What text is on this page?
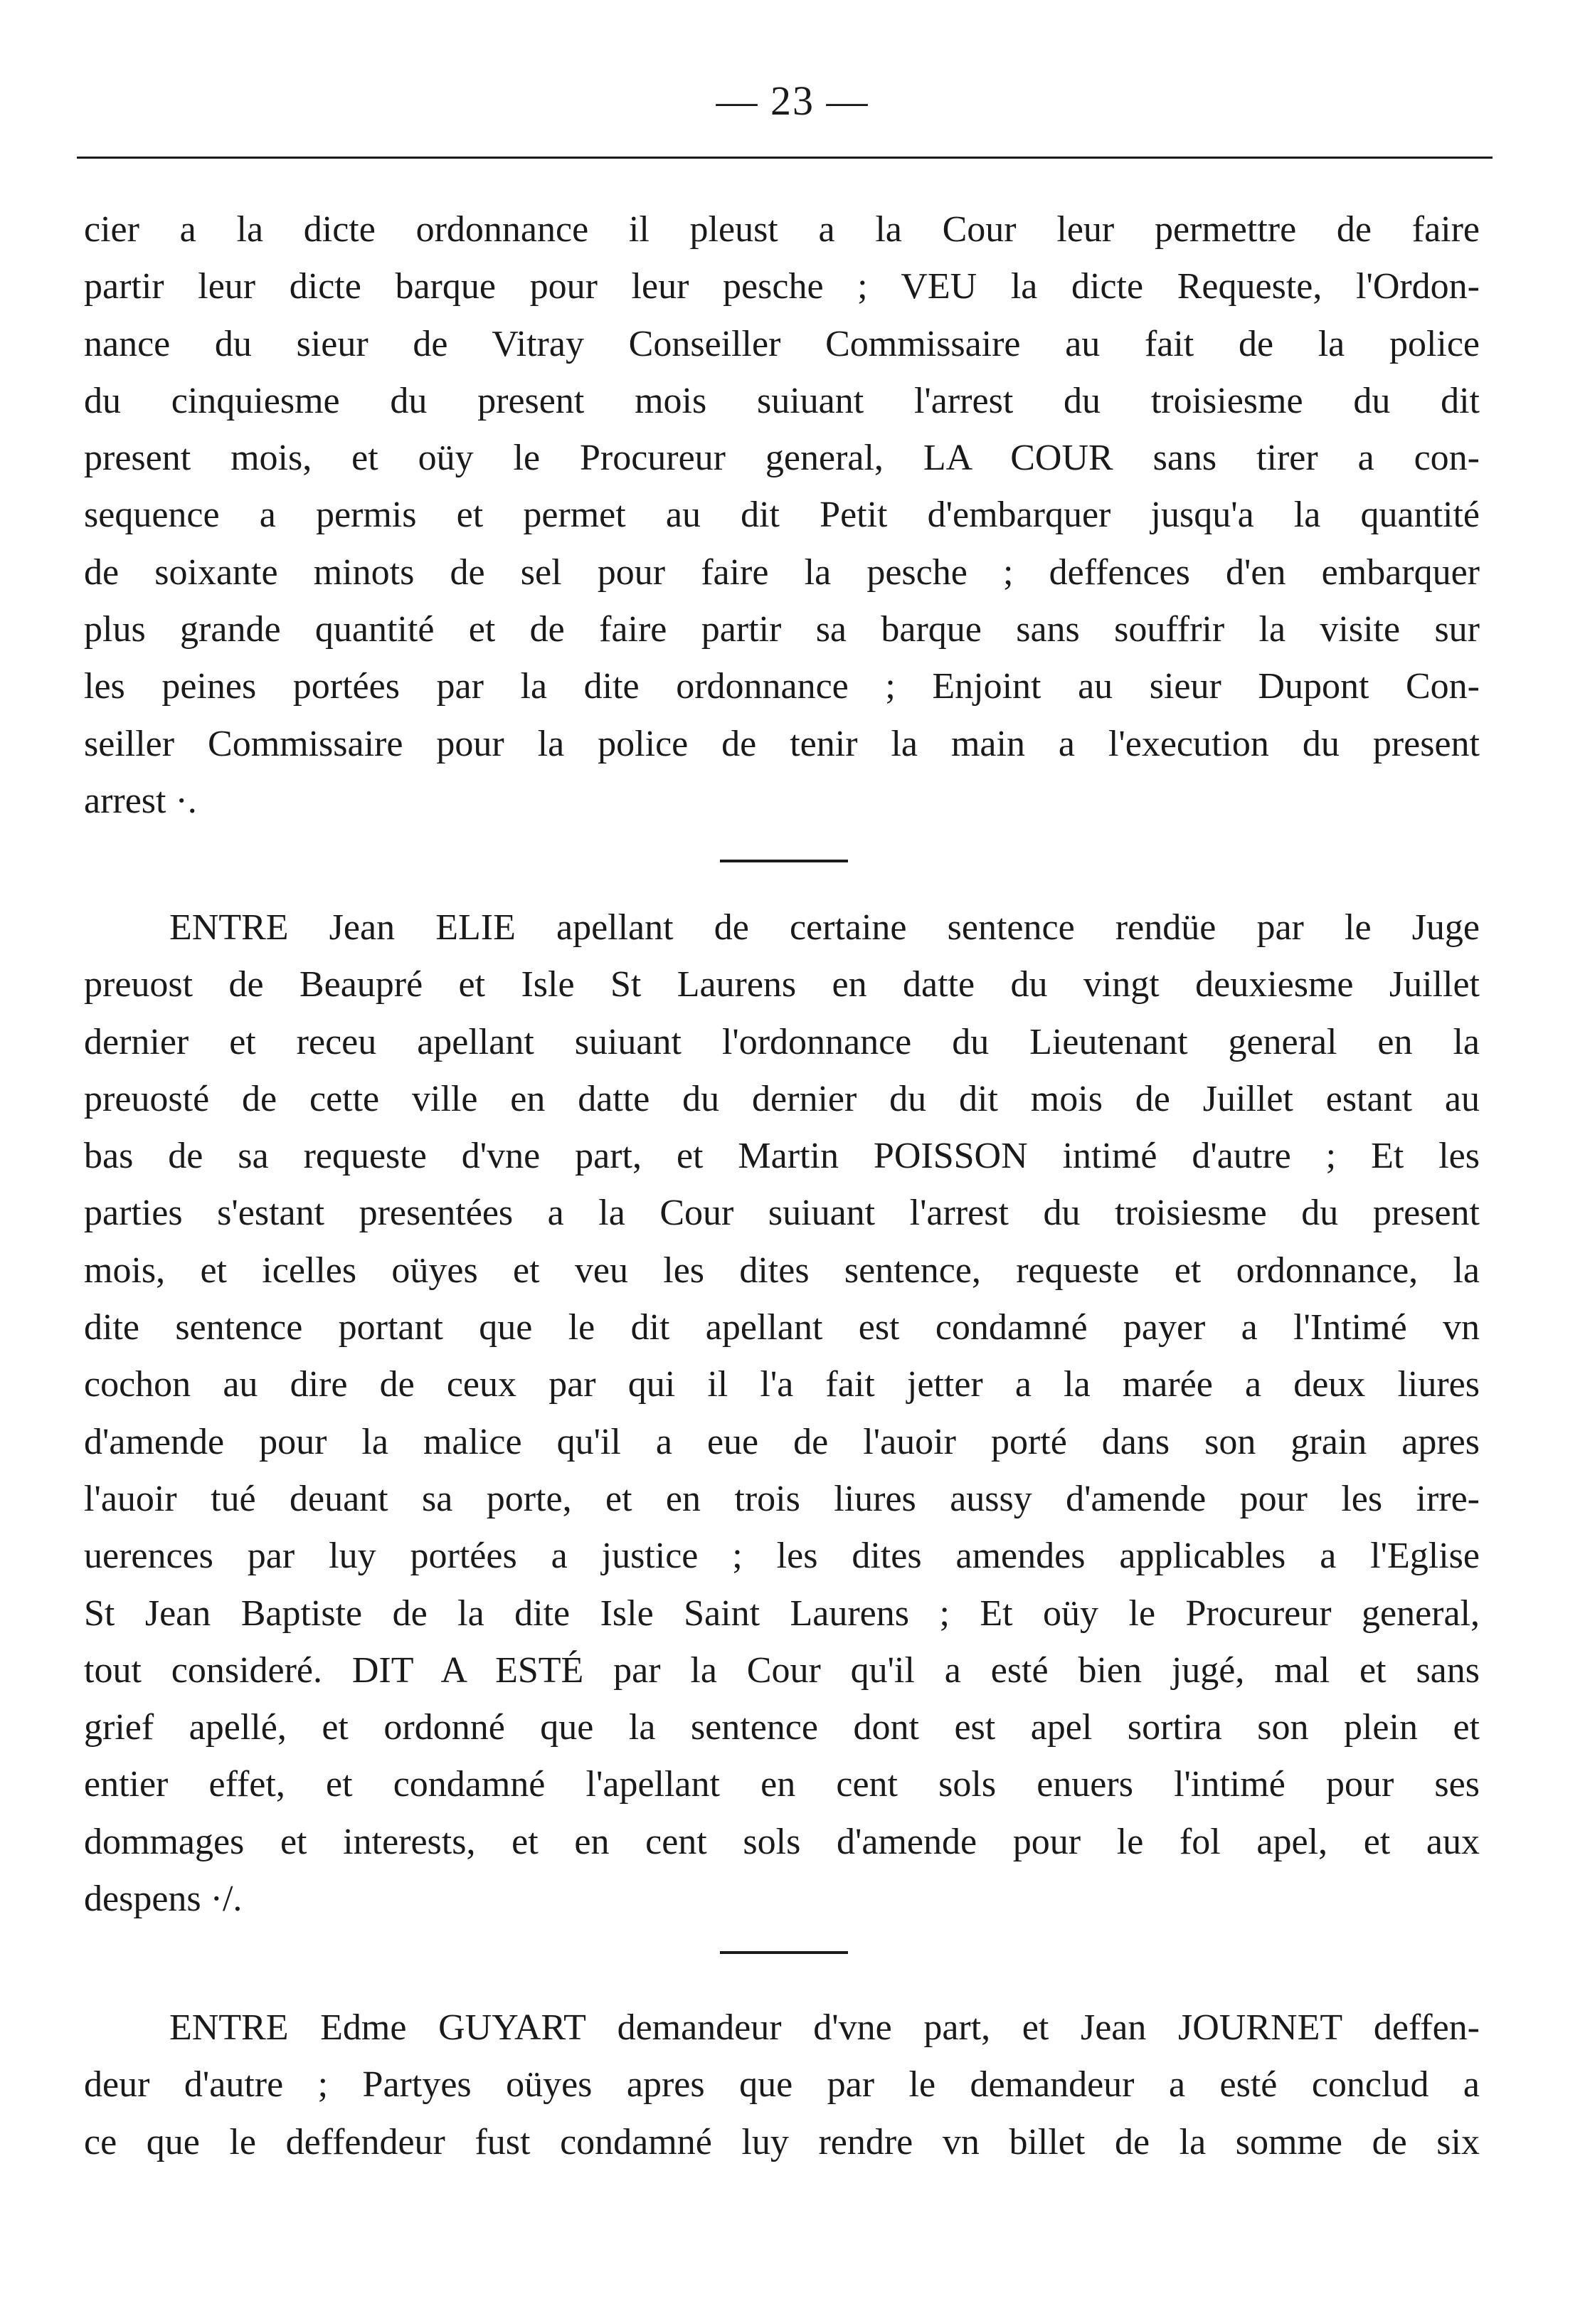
— 23 —
cier a la dicte ordonnance il pleust a la Cour leur permettre de faire
partir leur dicte barque pour leur pesche ; VEU la dicte Requeste, l'Ordon-
nance du sieur de Vitray Conseiller Commissaire au fait de la police
du cinquiesme du present mois suiuant l'arrest du troisiesme du dit
present mois, et oüy le Procureur general, LA COUR sans tirer a con-
sequence a permis et permet au dit Petit d'embarquer jusqu'a la quantité
de soixante minots de sel pour faire la pesche ; deffences d'en embarquer
plus grande quantité et de faire partir sa barque sans souffrir la visite sur
les peines portées par la dite ordonnance ; Enjoint au sieur Dupont Con-
seiller Commissaire pour la police de tenir la main a l'execution du present
arrest ·.
ENTRE Jean ELIE apellant de certaine sentence rendüe par le Juge
preuost de Beaupré et Isle St Laurens en datte du vingt deuxiesme Juillet
dernier et receu apellant suiuant l'ordonnance du Lieutenant general en la
preuosté de cette ville en datte du dernier du dit mois de Juillet estant au
bas de sa requeste d'vne part, et Martin POISSON intimé d'autre ; Et les
parties s'estant presentées a la Cour suiuant l'arrest du troisiesme du present
mois, et icelles oüyes et veu les dites sentence, requeste et ordonnance, la
dite sentence portant que le dit apellant est condamné payer a l'Intimé vn
cochon au dire de ceux par qui il l'a fait jetter a la marée a deux liures
d'amende pour la malice qu'il a eue de l'auoir porté dans son grain apres
l'auoir tué deuant sa porte, et en trois liures aussy d'amende pour les irre-
uerences par luy portées a justice ; les dites amendes applicables a l'Eglise
St Jean Baptiste de la dite Isle Saint Laurens ; Et oüy le Procureur general,
tout consideré. DIT A ESTÉ par la Cour qu'il a esté bien jugé, mal et sans
grief apellé, et ordonné que la sentence dont est apel sortira son plein et
entier effet, et condamné l'apellant en cent sols enuers l'intimé pour ses
dommages et interests, et en cent sols d'amende pour le fol apel, et aux
despens ·/.
ENTRE Edme GUYART demandeur d'vne part, et Jean JOURNET deffen-
deur d'autre ; Partyes oüyes apres que par le demandeur a esté conclud a
ce que le deffendeur fust condamné luy rendre vn billet de la somme de six
